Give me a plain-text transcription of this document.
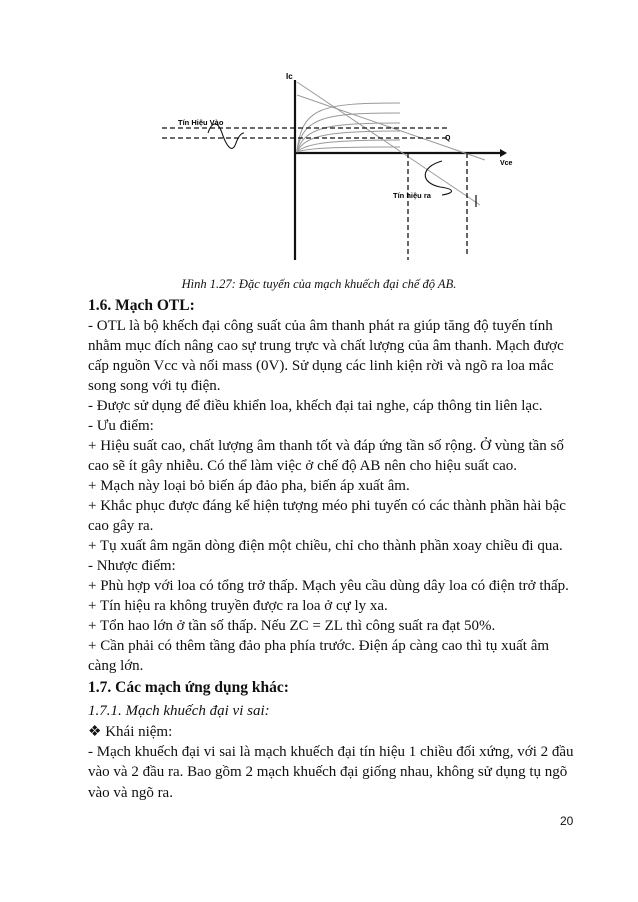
Ic
Vce
Tín Hiệu Vào
Q
Tín hiệu ra
Hình 1.27: Đặc tuyến của mạch khuếch đại chế độ AB.
1.6. Mạch OTL:
- OTL là bộ khếch đại công suất của âm thanh phát ra giúp tăng độ tuyến tính
nhằm mục đích nâng cao sự trung trực và chất lượng của âm thanh. Mạch được
cấp nguồn Vcc và nối mass (0V). Sử dụng các linh kiện rời và ngõ ra loa mắc
song song với tụ điện.
- Được sử dụng để điều khiển loa, khếch đại tai nghe, cáp thông tin liên lạc.
- Ưu điểm:
+ Hiệu suất cao, chất lượng âm thanh tốt và đáp ứng tần số rộng. Ở vùng tần số
cao sẽ ít gây nhiễu. Có thể làm việc ở chế độ AB nên cho hiệu suất cao.
+ Mạch này loại bỏ biến áp đảo pha, biến áp xuất âm.
+ Khắc phục được đáng kể hiện tượng méo phi tuyến có các thành phần hài bậc
cao gây ra.
+ Tụ xuất âm ngăn dòng điện một chiều, chỉ cho thành phần xoay chiều đi qua.
- Nhược điểm:
+ Phù hợp với loa có tổng trở thấp. Mạch yêu cầu dùng dây loa có điện trở thấp.
+ Tín hiệu ra không truyền được ra loa ở cự ly xa.
+ Tổn hao lớn ở tần số thấp. Nếu ZC = ZL thì công suất ra đạt 50%.
+ Cần phải có thêm tầng đảo pha phía trước. Điện áp càng cao thì tụ xuất âm
càng lớn.
1.7. Các mạch ứng dụng khác:
1.7.1. Mạch khuếch đại vi sai:
❖ Khái niệm:
- Mạch khuếch đại vi sai là mạch khuếch đại tín hiệu 1 chiều đối xứng, với 2 đầu
vào và 2 đầu ra. Bao gồm 2 mạch khuếch đại giống nhau, không sử dụng tụ ngõ
vào và ngõ ra.
20
